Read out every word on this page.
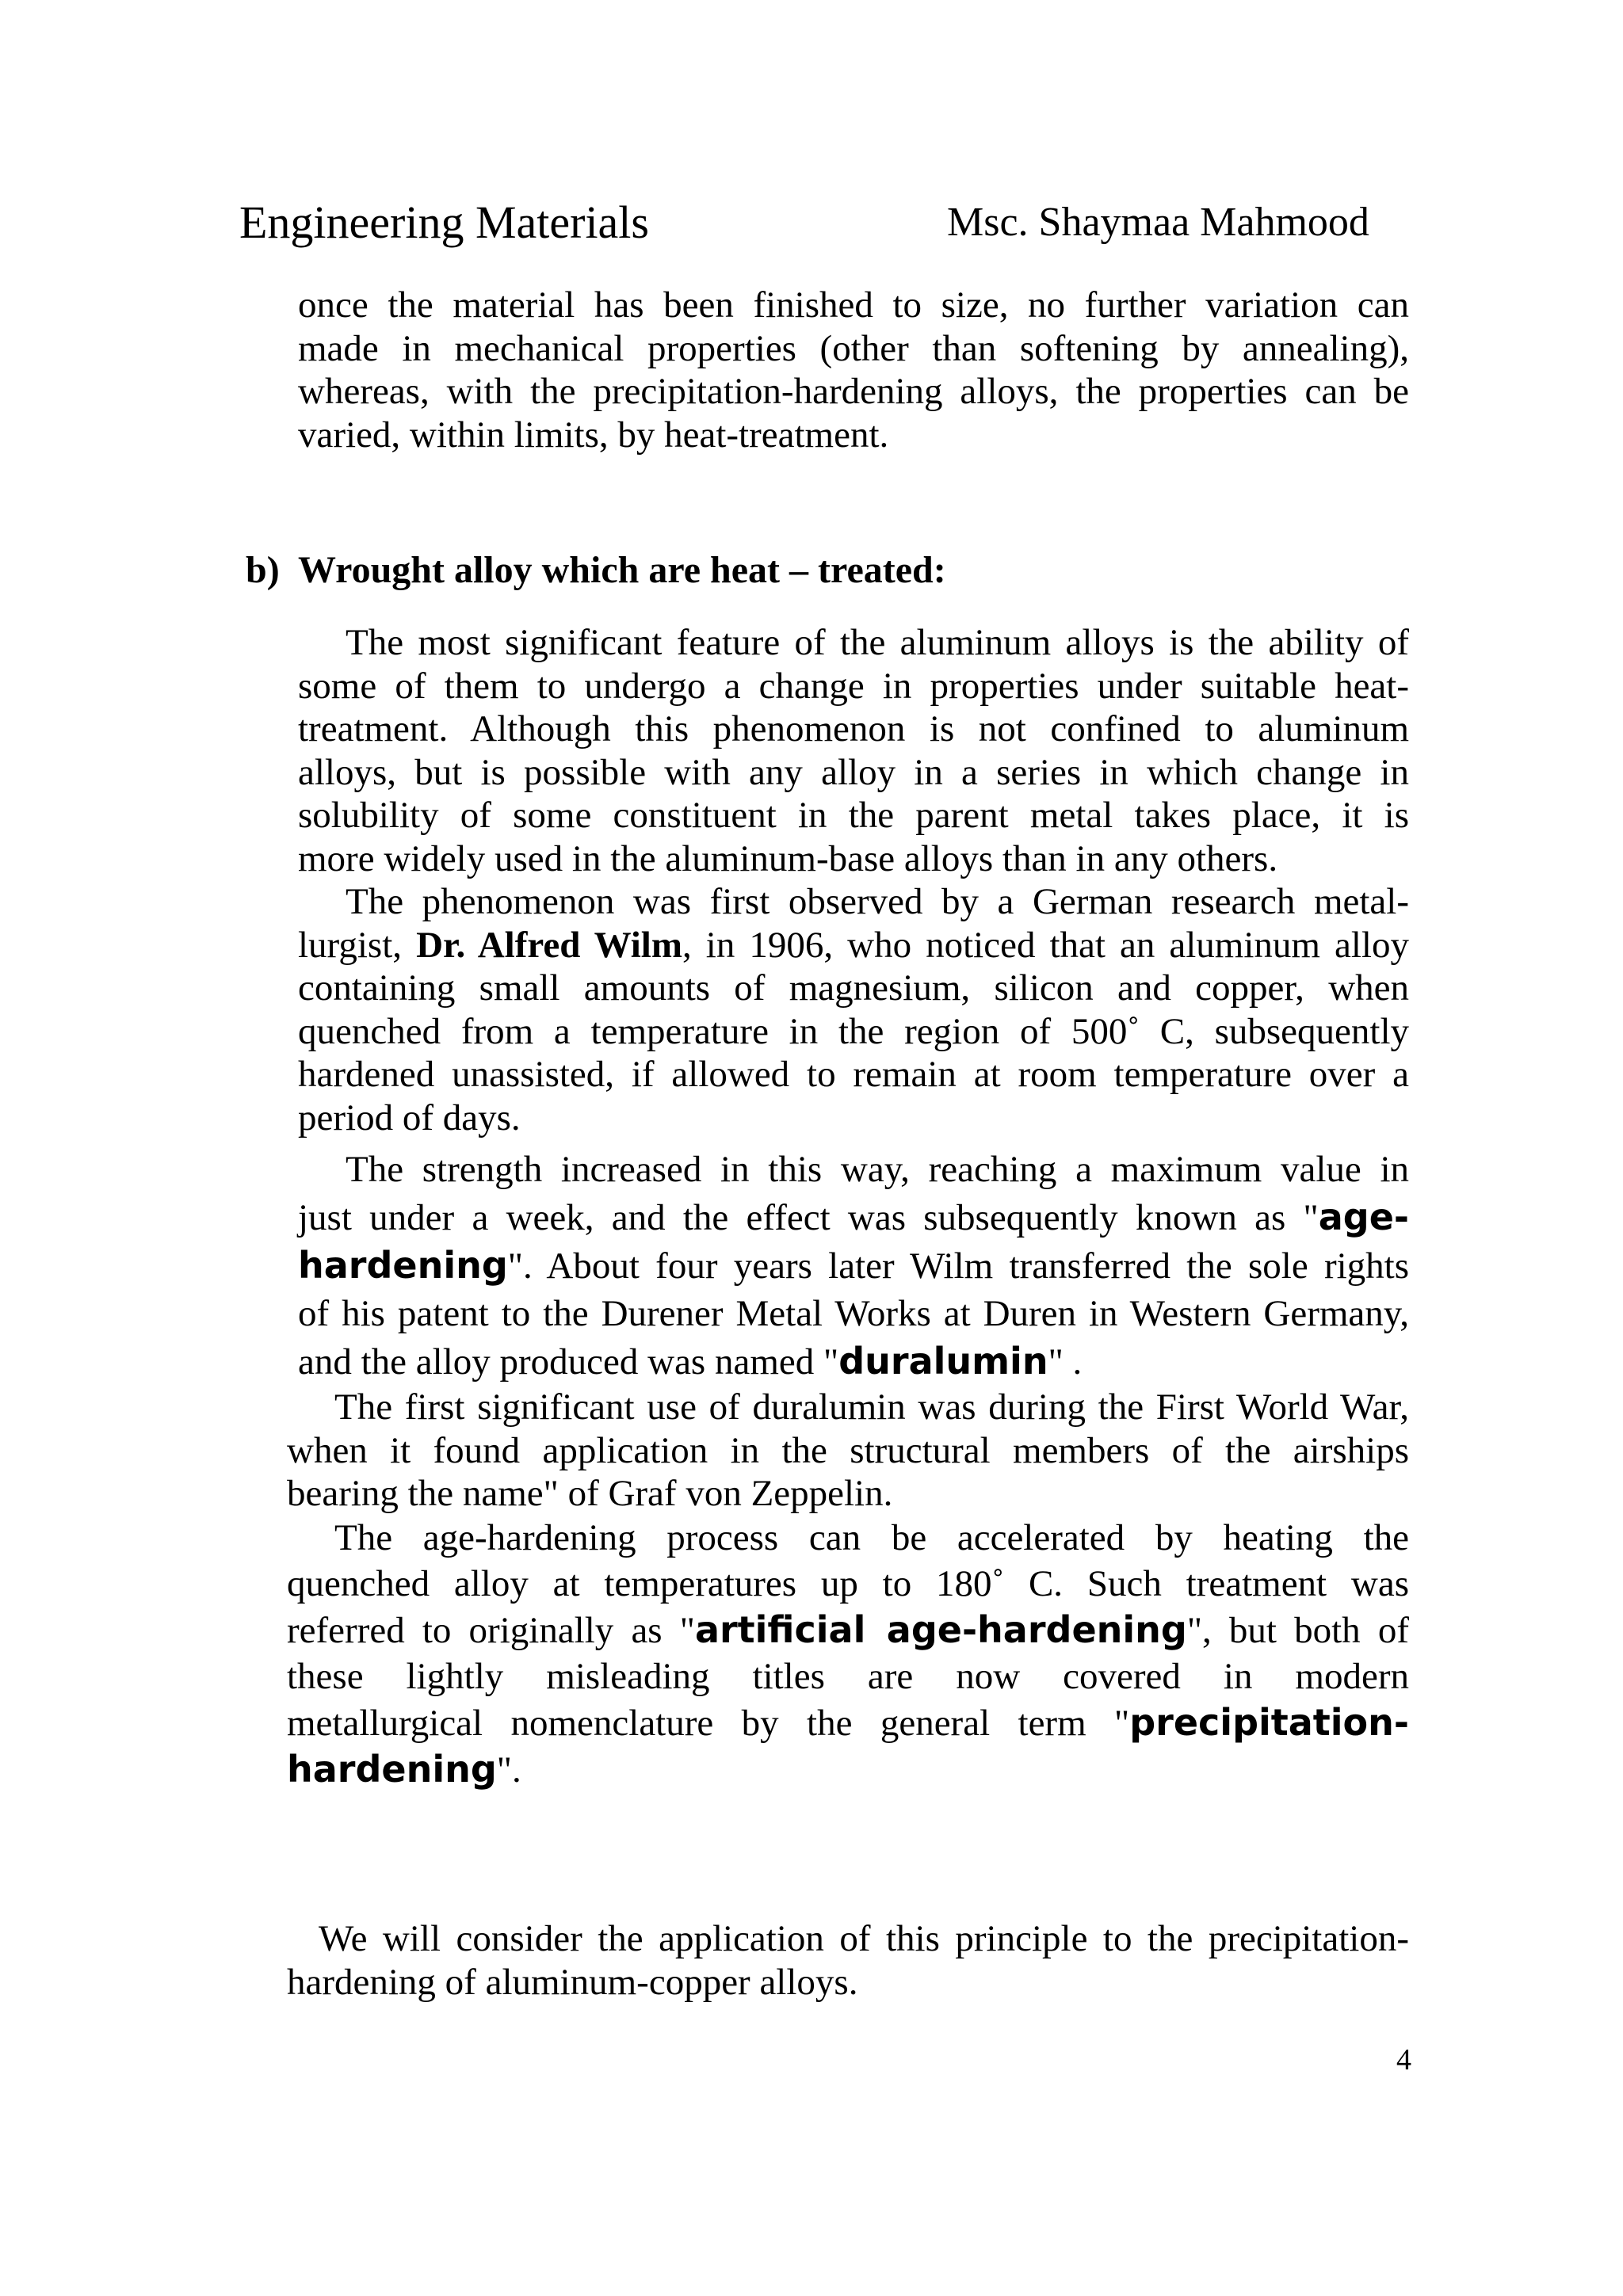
Engineering Materials	Msc. Shaymaa Mahmood
once the material has been finished to size, no further variation can
made in mechanical properties (other than softening by annealing),
whereas, with the precipitation-hardening alloys, the properties can be
varied, within limits, by heat-treatment.
b) Wrought alloy which are heat – treated:
The most significant feature of the aluminum alloys is the ability of
some of them to undergo a change in properties under suitable heat-
treatment. Although this phenomenon is not confined to aluminum
alloys, but is possible with any alloy in a series in which change in
solubility of some constituent in the parent metal takes place, it is
more widely used in the aluminum-base alloys than in any others.
The phenomenon was first observed by a German research metal-
lurgist, Dr. Alfred Wilm, in 1906, who noticed that an aluminum alloy
containing small amounts of magnesium, silicon and copper, when
quenched from a temperature in the region of 500˚ C, subsequently
hardened unassisted, if allowed to remain at room temperature over a
period of days.
The strength increased in this way, reaching a maximum value in
just under a week, and the effect was subsequently known as "age-
hardening". About four years later Wilm transferred the sole rights
of his patent to the Durener Metal Works at Duren in Western Germany,
and the alloy produced was named "duralumin" .
The first significant use of duralumin was during the First World War,
when it found application in the structural members of the airships
bearing the name" of Graf von Zeppelin.
The age-hardening process can be accelerated by heating the
quenched alloy at temperatures up to 180˚ C. Such treatment was
referred to originally as "artificial age-hardening", but both of
these lightly misleading titles are now covered in modern
metallurgical nomenclature by the general term "precipitation-
hardening".
We will consider the application of this principle to the precipitation-
hardening of aluminum-copper alloys.
4
